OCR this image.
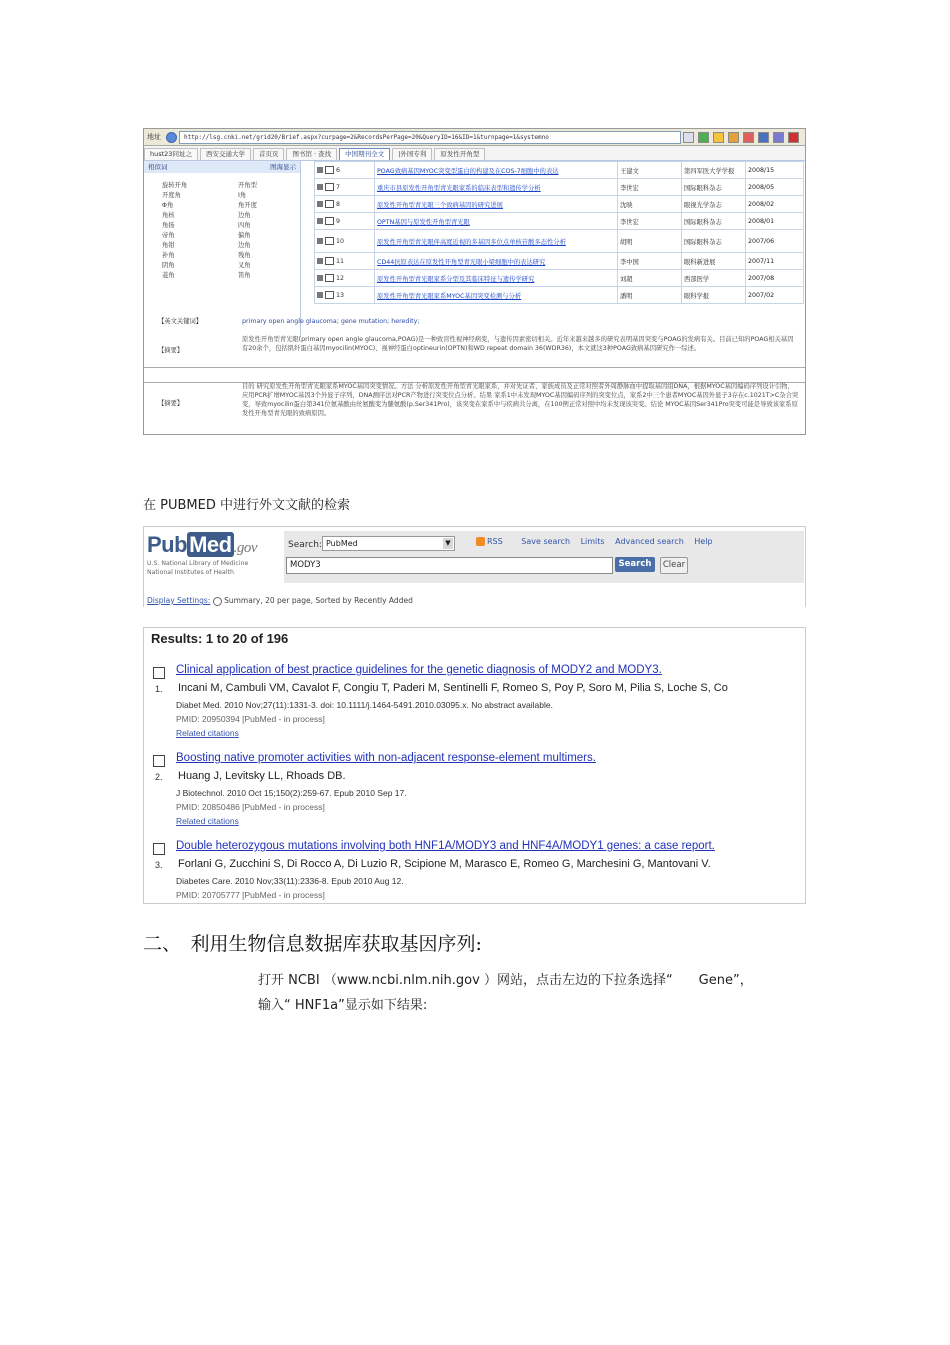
地址	http://lsg.cnki.net/grid20/Brief.aspx?curpage=2&RecordsPerPage=20&QueryID=16&ID=1&turnpage=1&systemno
hust23同址之	西安交通大学	首页页	图书馆 · 查找	中国期刊全文	|外国专利	原发性开角型
相似词	图海显示
旋转开角	开角型
开度角	I角
Φ角	角开度
角核	边角
角扬	四角
帝角	偏角
角钳	边角
补角	残角
阴角	叉角
菱角	笛角
6	POAG致病基因MYOC突变型蛋白的构建及在COS-7细胞中的表达	王建文	第四军医大学学报	2008/15
7	重庆市县原发性开角型青光眼家系的临床表型和遗传学分析	李世宏	国际眼科杂志	2008/05
8	原发性开角型青光眼三个致病基因的研究进展	沈映	眼视光学杂志	2008/02
9	OPTN基因与原发性开角型青光眼	李世宏	国际眼科杂志	2008/01
10	原发性开角型青光眼伴高度近视的多基因多位点单核苷酸多态性分析	胡明	国际眼科杂志	2007/06
11	CD44抗原表达在原发性开角型青光眼小梁细胞中的表达研究	李中国	眼科新进展	2007/11
12	原发性开角型青光眼家系分型及其临床特征与遗传学研究	刘超	西部医学	2007/08
13	原发性开角型青光眼家系MYOC基因突变检测与分析	潘明	眼科学报	2007/02
【英文关键词】	primary open angle glaucoma; gene mutation; heredity;
【摘要】
原发性开角型青光眼(primary open angle glaucoma,POAG)是一种致盲性视神经病变，与遗传因素密切相关。近年来越来越多的研究表明基因突变与POAG的发病有关。目前已知的POAG相关基因有20余个，包括肌纤蛋白基因myocilin(MYOC)、视神经蛋白optineurin(OPTN)和WD repeat domain 36(WDR36)，本文就这3种POAG致病基因研究作一综述。
【摘要】
目的 研究原发性开角型青光眼家系MYOC基因突变情况。方法 分析原发性开角型青光眼家系，并对先证者、家族成员及正常对照者外周静脉血中提取基因组DNA，根据MYOC基因编码序列设计引物，应用PCR扩增MYOC基因3个外显子序列，DNA测序法对PCR产物进行突变位点分析。结果 家系1中未发现MYOC基因编码序列的突变位点，家系2中三个患者MYOC基因外显子3存在c.1021T>C杂合突变，导致myocilin蛋白第341位氨基酸由丝氨酸变为脯氨酸(p.Ser341Pro)，该突变在家系中与疾病共分离，在100例正常对照中均未发现该突变。结论 MYOC基因Ser341Pro突变可能是导致该家系原发性开角型青光眼的致病原因。
在 PUBMED 中进行外文文献的检索
PubMed .gov
U.S. National Library of Medicine
National Institutes of Health
Search: PubMed	▼	RSS Save search Limits Advanced search Help
MODY3	Search	Clear
Display Settings: Summary, 20 per page, Sorted by Recently Added
Results: 1 to 20 of 196
Clinical application of best practice guidelines for the genetic diagnosis of MODY2 and MODY3.
1. Incani M, Cambuli VM, Cavalot F, Congiu T, Paderi M, Sentinelli F, Romeo S, Poy P, Soro M, Pilia S, Loche S, Co
Diabet Med. 2010 Nov;27(11):1331-3. doi: 10.1111/j.1464-5491.2010.03095.x. No abstract available.
PMID: 20950394 [PubMed - in process]
Related citations
Boosting native promoter activities with non-adjacent response-element multimers.
2. Huang J, Levitsky LL, Rhoads DB.
J Biotechnol. 2010 Oct 15;150(2):259-67. Epub 2010 Sep 17.
PMID: 20850486 [PubMed - in process]
Related citations
Double heterozygous mutations involving both HNF1A/MODY3 and HNF4A/MODY1 genes: a case report.
3. Forlani G, Zucchini S, Di Rocco A, Di Luzio R, Scipione M, Marasco E, Romeo G, Marchesini G, Mantovani V.
Diabetes Care. 2010 Nov;33(11):2336-8. Epub 2010 Aug 12.
PMID: 20705777 [PubMed - in process]
二、　利用生物信息数据库获取基因序列:
打开 NCBI （www.ncbi.nlm.nih.gov ）网站，点击左边的下拉条选择“　　Gene”，
输入“ HNF1a”显示如下结果:
